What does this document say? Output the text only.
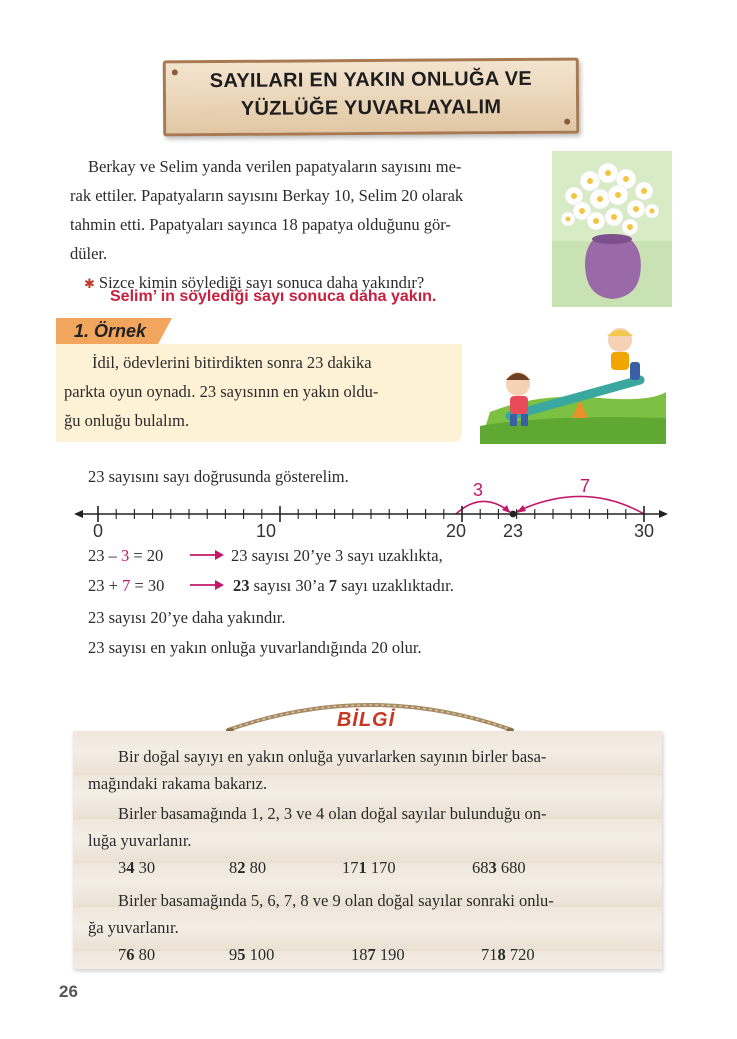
SAYILARI EN YAKIN ONLUĞA VE
YÜZLÜĞE YUVARLAYALIM
Berkay ve Selim yanda verilen papatyaların sayısını me-
rak ettiler. Papatyaların sayısını Berkay 10, Selim 20 olarak
tahmin etti. Papatyaları sayınca 18 papatya olduğunu gör-
düler.
✱ Sizce kimin söylediği sayı sonuca daha yakındır?
Selim’ in söylediği sayı sonuca daha yakın.
1. Örnek
İdil, ödevlerini bitirdikten sonra 23 dakika
parkta oyun oynadı. 23 sayısının en yakın oldu-
ğu onluğu bulalım.
23 sayısını sayı doğrusunda gösterelim.
3	7
0	10	20 23	30
23 – 3 = 20	23 sayısı 20’ye 3 sayı uzaklıkta,
23 + 7 = 30	23 sayısı 30’a 7 sayı uzaklıktadır.
23 sayısı 20’ye daha yakındır.
23 sayısı en yakın onluğa yuvarlandığında 20 olur.
BİLGİ
Bir doğal sayıyı en yakın onluğa yuvarlarken sayının birler basa-
mağındaki rakama bakarız.
Birler basamağında 1, 2, 3 ve 4 olan doğal sayılar bulunduğu on-
luğa yuvarlanır.
34 30	82 80	171 170	683 680
Birler basamağında 5, 6, 7, 8 ve 9 olan doğal sayılar sonraki onlu-
ğa yuvarlanır.
76 80	95 100	187 190	718 720
26
